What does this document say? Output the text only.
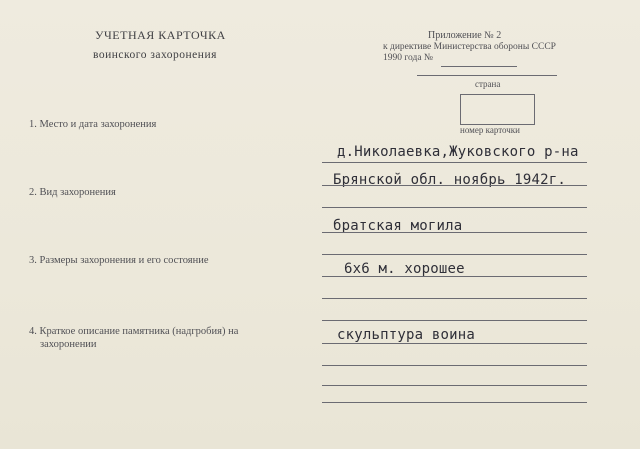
УЧЕТНАЯ КАРТОЧКА
воинского захоронения
Приложение № 2
к директиве Министерства обороны СССР
1990 года №
страна
номер карточки
1. Место и дата захоронения
д.Николаевка,Жуковского р-на
Брянской обл. ноябрь 1942г.
2. Вид захоронения
братская могила
3. Размеры захоронения и его состояние
6х6 м. хорошее
4. Краткое описание памятника (надгробия) на
захоронении
скульптура воина
